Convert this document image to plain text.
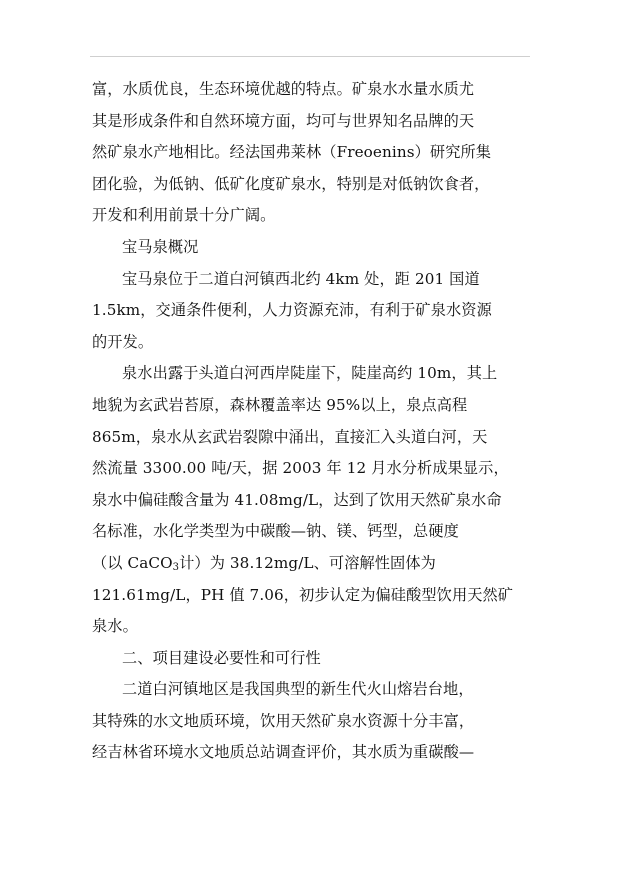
富，水质优良，生态环境优越的特点。矿泉水水量水质尤
其是形成条件和自然环境方面，均可与世界知名品牌的天
然矿泉水产地相比。经法国弗莱林（Freoenins）研究所集
团化验，为低钠、低矿化度矿泉水，特别是对低钠饮食者，
开发和利用前景十分广阔。
宝马泉概况
宝马泉位于二道白河镇西北约 4km 处，距 201 国道
1.5km，交通条件便利，人力资源充沛，有利于矿泉水资源
的开发。
泉水出露于头道白河西岸陡崖下，陡崖高约 10m，其上
地貌为玄武岩苔原，森林覆盖率达 95%以上，泉点高程
865m，泉水从玄武岩裂隙中涌出，直接汇入头道白河，天
然流量 3300.00 吨/天，据 2003 年 12 月水分析成果显示，
泉水中偏硅酸含量为 41.08mg/L，达到了饮用天然矿泉水命
名标准，水化学类型为中碳酸—钠、镁、钙型，总硬度
（以 CaCO$_3$计）为 38.12mg/L、可溶解性固体为
121.61mg/L，PH 值 7.06，初步认定为偏硅酸型饮用天然矿
泉水。
二、项目建设必要性和可行性
二道白河镇地区是我国典型的新生代火山熔岩台地，
其特殊的水文地质环境，饮用天然矿泉水资源十分丰富，
经吉林省环境水文地质总站调查评价，其水质为重碳酸—
